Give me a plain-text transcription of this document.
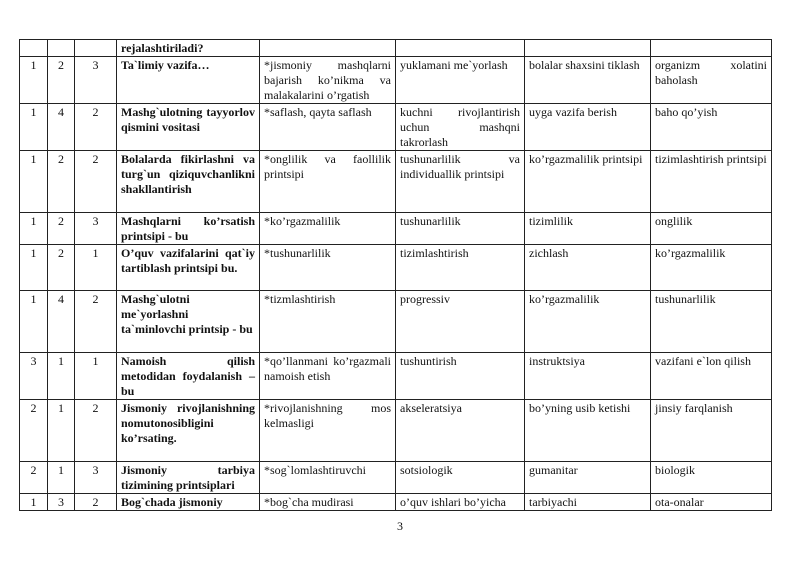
			rejalashtiriladi?				
1	2	3	Ta`limiy vazifa…	*jismoniy mashqlarni bajarish ko’nikma va malakalarini o’rgatish	yuklamani me`yorlash	bolalar shaxsini tiklash	organizm xolatini baholash
1	4	2	Mashg`ulotning tayyorlov qismini vositasi	*saflash, qayta saflash	kuchni rivojlantirish uchun mashqni takrorlash	uyga vazifa berish	baho qo’yish
1	2	2	Bolalarda fikirlashni va turg`un qiziquvchanlikni shakllantirish	*onglilik va faollilik printsipi	tushunarlilik va individuallik printsipi	ko’rgazmalilik printsipi	tizimlashtirish printsipi
1	2	3	Mashqlarni ko’rsatish printsipi - bu	*ko’rgazmalilik	tushunarlilik	tizimlilik	onglilik
1	2	1	O’quv vazifalarini qat`iy tartiblash printsipi bu.	*tushunarlilik	tizimlashtirish	zichlash	ko’rgazmalilik
1	4	2	Mashg`ulotni me`yorlashni ta`minlovchi printsip - bu	*tizmlashtirish	progressiv	ko’rgazmalilik	tushunarlilik
3	1	1	Namoish qilish metodidan foydalanish –bu	*qo’llanmani ko’rgazmali namoish etish	tushuntirish	instruktsiya	vazifani e`lon qilish
2	1	2	Jismoniy rivojlanishning nomutonosibligini ko’rsating.	*rivojlanishning mos kelmasligi	akseleratsiya	bo’yning usib ketishi	jinsiy farqlanish
2	1	3	Jismoniy tarbiya tizimining printsiplari	*sog`lomlashtiruvchi	sotsiologik	gumanitar	biologik
1	3	2	Bog`chada jismoniy	*bog`cha mudirasi	o’quv ishlari bo’yicha	tarbiyachi	ota-onalar
3
